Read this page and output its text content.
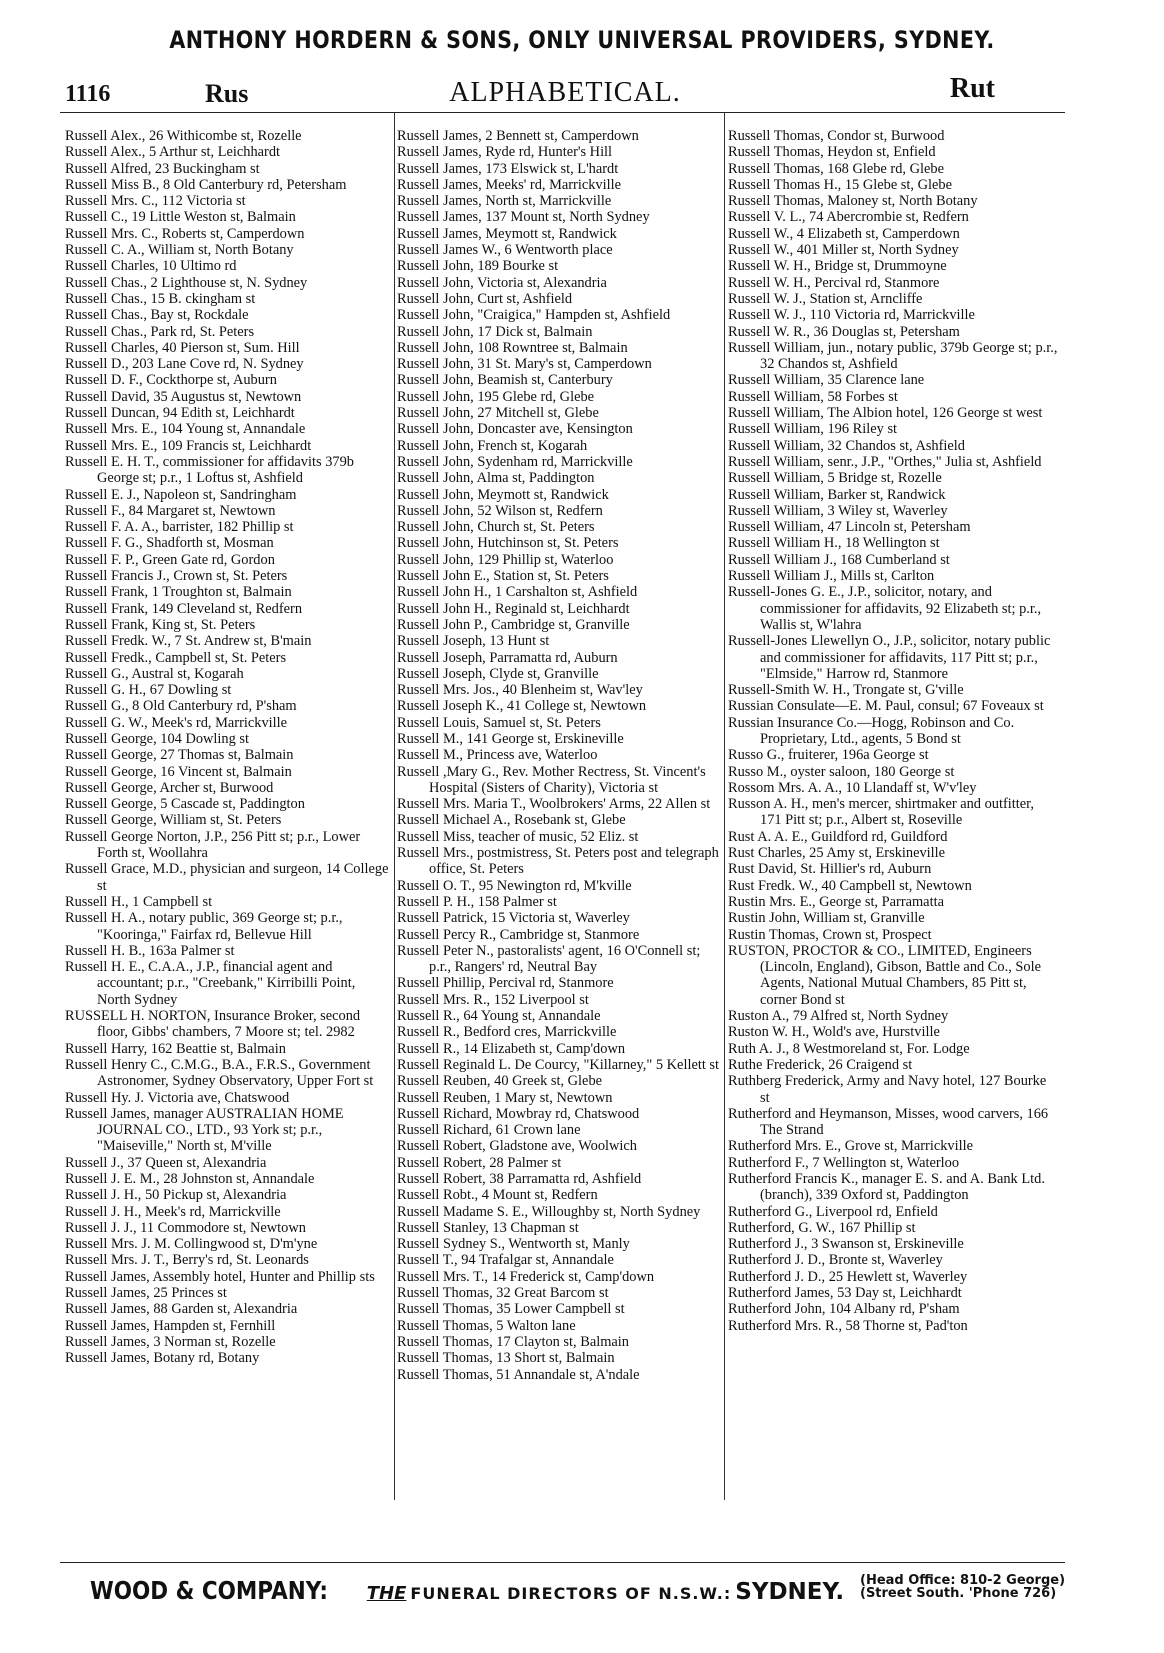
ANTHONY HORDERN & SONS, ONLY UNIVERSAL PROVIDERS, SYDNEY.
1116	Rus	ALPHABETICAL.	Rut
Russell Alex., 26 Withicombe st, Rozelle
Russell Alex., 5 Arthur st, Leichhardt
Russell Alfred, 23 Buckingham st
Russell Miss B., 8 Old Canterbury rd, Petersham
Russell Mrs. C., 112 Victoria st
Russell C., 19 Little Weston st, Balmain
Russell Mrs. C., Roberts st, Camperdown
Russell C. A., William st, North Botany
Russell Charles, 10 Ultimo rd
Russell Chas., 2 Lighthouse st, N. Sydney
Russell Chas., 15 B. ckingham st
Russell Chas., Bay st, Rockdale
Russell Chas., Park rd, St. Peters
Russell Charles, 40 Pierson st, Sum. Hill
Russell D., 203 Lane Cove rd, N. Sydney
Russell D. F., Cockthorpe st, Auburn
Russell David, 35 Augustus st, Newtown
Russell Duncan, 94 Edith st, Leichhardt
Russell Mrs. E., 104 Young st, Annandale
Russell Mrs. E., 109 Francis st, Leichhardt
Russell E. H. T., commissioner for affidavits 379b George st; p.r., 1 Loftus st, Ashfield
Russell E. J., Napoleon st, Sandringham
Russell F., 84 Margaret st, Newtown
Russell F. A. A., barrister, 182 Phillip st
Russell F. G., Shadforth st, Mosman
Russell F. P., Green Gate rd, Gordon
Russell Francis J., Crown st, St. Peters
Russell Frank, 1 Troughton st, Balmain
Russell Frank, 149 Cleveland st, Redfern
Russell Frank, King st, St. Peters
Russell Fredk. W., 7 St. Andrew st, B'main
Russell Fredk., Campbell st, St. Peters
Russell G., Austral st, Kogarah
Russell G. H., 67 Dowling st
Russell G., 8 Old Canterbury rd, P'sham
Russell G. W., Meek's rd, Marrickville
Russell George, 104 Dowling st
Russell George, 27 Thomas st, Balmain
Russell George, 16 Vincent st, Balmain
Russell George, Archer st, Burwood
Russell George, 5 Cascade st, Paddington
Russell George, William st, St. Peters
Russell George Norton, J.P., 256 Pitt st; p.r., Lower Forth st, Woollahra
Russell Grace, M.D., physician and surgeon, 14 College st
Russell H., 1 Campbell st
Russell H. A., notary public, 369 George st; p.r., "Kooringa," Fairfax rd, Bellevue Hill
Russell H. B., 163a Palmer st
Russell H. E., C.A.A., J.P., financial agent and accountant; p.r., "Creebank," Kirribilli Point, North Sydney
RUSSELL H. NORTON, Insurance Broker, second floor, Gibbs' chambers, 7 Moore st; tel. 2982
Russell Harry, 162 Beattie st, Balmain
Russell Henry C., C.M.G., B.A., F.R.S., Government Astronomer, Sydney Observatory, Upper Fort st
Russell Hy. J. Victoria ave, Chatswood
Russell James, manager AUSTRALIAN HOME JOURNAL CO., LTD., 93 York st; p.r., "Maiseville," North st, M'ville
Russell J., 37 Queen st, Alexandria
Russell J. E. M., 28 Johnston st, Annandale
Russell J. H., 50 Pickup st, Alexandria
Russell J. H., Meek's rd, Marrickville
Russell J. J., 11 Commodore st, Newtown
Russell Mrs. J. M. Collingwood st, D'm'yne
Russell Mrs. J. T., Berry's rd, St. Leonards
Russell James, Assembly hotel, Hunter and Phillip sts
Russell James, 25 Princes st
Russell James, 88 Garden st, Alexandria
Russell James, Hampden st, Fernhill
Russell James, 3 Norman st, Rozelle
Russell James, Botany rd, Botany
Russell James, 2 Bennett st, Camperdown
Russell James, Ryde rd, Hunter's Hill
Russell James, 173 Elswick st, L'hardt
Russell James, Meeks' rd, Marrickville
Russell James, North st, Marrickville
Russell James, 137 Mount st, North Sydney
Russell James, Meymott st, Randwick
Russell James W., 6 Wentworth place
Russell John, 189 Bourke st
Russell John, Victoria st, Alexandria
Russell John, Curt st, Ashfield
Russell John, "Craigica," Hampden st, Ashfield
Russell John, 17 Dick st, Balmain
Russell John, 108 Rowntree st, Balmain
Russell John, 31 St. Mary's st, Camperdown
Russell John, Beamish st, Canterbury
Russell John, 195 Glebe rd, Glebe
Russell John, 27 Mitchell st, Glebe
Russell John, Doncaster ave, Kensington
Russell John, French st, Kogarah
Russell John, Sydenham rd, Marrickville
Russell John, Alma st, Paddington
Russell John, Meymott st, Randwick
Russell John, 52 Wilson st, Redfern
Russell John, Church st, St. Peters
Russell John, Hutchinson st, St. Peters
Russell John, 129 Phillip st, Waterloo
Russell John E., Station st, St. Peters
Russell John H., 1 Carshalton st, Ashfield
Russell John H., Reginald st, Leichhardt
Russell John P., Cambridge st, Granville
Russell Joseph, 13 Hunt st
Russell Joseph, Parramatta rd, Auburn
Russell Joseph, Clyde st, Granville
Russell Mrs. Jos., 40 Blenheim st, Wav'ley
Russell Joseph K., 41 College st, Newtown
Russell Louis, Samuel st, St. Peters
Russell M., 141 George st, Erskineville
Russell M., Princess ave, Waterloo
Russell ,Mary G., Rev. Mother Rectress, St. Vincent's Hospital (Sisters of Charity), Victoria st
Russell Mrs. Maria T., Woolbrokers' Arms, 22 Allen st
Russell Michael A., Rosebank st, Glebe
Russell Miss, teacher of music, 52 Eliz. st
Russell Mrs., postmistress, St. Peters post and telegraph office, St. Peters
Russell O. T., 95 Newington rd, M'kville
Russell P. H., 158 Palmer st
Russell Patrick, 15 Victoria st, Waverley
Russell Percy R., Cambridge st, Stanmore
Russell Peter N., pastoralists' agent, 16 O'Connell st; p.r., Rangers' rd, Neutral Bay
Russell Phillip, Percival rd, Stanmore
Russell Mrs. R., 152 Liverpool st
Russell R., 64 Young st, Annandale
Russell R., Bedford cres, Marrickville
Russell R., 14 Elizabeth st, Camp'down
Russell Reginald L. De Courcy, "Killarney," 5 Kellett st
Russell Reuben, 40 Greek st, Glebe
Russell Reuben, 1 Mary st, Newtown
Russell Richard, Mowbray rd, Chatswood
Russell Richard, 61 Crown lane
Russell Robert, Gladstone ave, Woolwich
Russell Robert, 28 Palmer st
Russell Robert, 38 Parramatta rd, Ashfield
Russell Robt., 4 Mount st, Redfern
Russell Madame S. E., Willoughby st, North Sydney
Russell Stanley, 13 Chapman st
Russell Sydney S., Wentworth st, Manly
Russell T., 94 Trafalgar st, Annandale
Russell Mrs. T., 14 Frederick st, Camp'down
Russell Thomas, 32 Great Barcom st
Russell Thomas, 35 Lower Campbell st
Russell Thomas, 5 Walton lane
Russell Thomas, 17 Clayton st, Balmain
Russell Thomas, 13 Short st, Balmain
Russell Thomas, 51 Annandale st, A'ndale
Russell Thomas, Condor st, Burwood
Russell Thomas, Heydon st, Enfield
Russell Thomas, 168 Glebe rd, Glebe
Russell Thomas H., 15 Glebe st, Glebe
Russell Thomas, Maloney st, North Botany
Russell V. L., 74 Abercrombie st, Redfern
Russell W., 4 Elizabeth st, Camperdown
Russell W., 401 Miller st, North Sydney
Russell W. H., Bridge st, Drummoyne
Russell W. H., Percival rd, Stanmore
Russell W. J., Station st, Arncliffe
Russell W. J., 110 Victoria rd, Marrickville
Russell W. R., 36 Douglas st, Petersham
Russell William, jun., notary public, 379b George st; p.r., 32 Chandos st, Ashfield
Russell William, 35 Clarence lane
Russell William, 58 Forbes st
Russell William, The Albion hotel, 126 George st west
Russell William, 196 Riley st
Russell William, 32 Chandos st, Ashfield
Russell William, senr., J.P., "Orthes," Julia st, Ashfield
Russell William, 5 Bridge st, Rozelle
Russell William, Barker st, Randwick
Russell William, 3 Wiley st, Waverley
Russell William, 47 Lincoln st, Petersham
Russell William H., 18 Wellington st
Russell William J., 168 Cumberland st
Russell William J., Mills st, Carlton
Russell-Jones G. E., J.P., solicitor, notary, and commissioner for affidavits, 92 Elizabeth st; p.r., Wallis st, W'lahra
Russell-Jones Llewellyn O., J.P., solicitor, notary public and commissioner for affidavits, 117 Pitt st; p.r., "Elmside," Harrow rd, Stanmore
Russell-Smith W. H., Trongate st, G'ville
Russian Consulate—E. M. Paul, consul; 67 Foveaux st
Russian Insurance Co.—Hogg, Robinson and Co. Proprietary, Ltd., agents, 5 Bond st
Russo G., fruiterer, 196a George st
Russo M., oyster saloon, 180 George st
Rossom Mrs. A. A., 10 Llandaff st, W'v'ley
Russon A. H., men's mercer, shirtmaker and outfitter, 171 Pitt st; p.r., Albert st, Roseville
Rust A. A. E., Guildford rd, Guildford
Rust Charles, 25 Amy st, Erskineville
Rust David, St. Hillier's rd, Auburn
Rust Fredk. W., 40 Campbell st, Newtown
Rustin Mrs. E., George st, Parramatta
Rustin John, William st, Granville
Rustin Thomas, Crown st, Prospect
RUSTON, PROCTOR & CO., LIMITED, Engineers (Lincoln, England), Gibson, Battle and Co., Sole Agents, National Mutual Chambers, 85 Pitt st, corner Bond st
Ruston A., 79 Alfred st, North Sydney
Ruston W. H., Wold's ave, Hurstville
Ruth A. J., 8 Westmoreland st, For. Lodge
Ruthe Frederick, 26 Craigend st
Ruthberg Frederick, Army and Navy hotel, 127 Bourke st
Rutherford and Heymanson, Misses, wood carvers, 166 The Strand
Rutherford Mrs. E., Grove st, Marrickville
Rutherford F., 7 Wellington st, Waterloo
Rutherford Francis K., manager E. S. and A. Bank Ltd. (branch), 339 Oxford st, Paddington
Rutherford G., Liverpool rd, Enfield
Rutherford, G. W., 167 Phillip st
Rutherford J., 3 Swanson st, Erskineville
Rutherford J. D., Bronte st, Waverley
Rutherford J. D., 25 Hewlett st, Waverley
Rutherford James, 53 Day st, Leichhardt
Rutherford John, 104 Albany rd, P'sham
Rutherford Mrs. R., 58 Thorne st, Pad'ton
WOOD & COMPANY: THE FUNERAL DIRECTORS OF N.S.W.: SYDNEY. (Head Office: 810-2 George)
(Street South. 'Phone 726)
